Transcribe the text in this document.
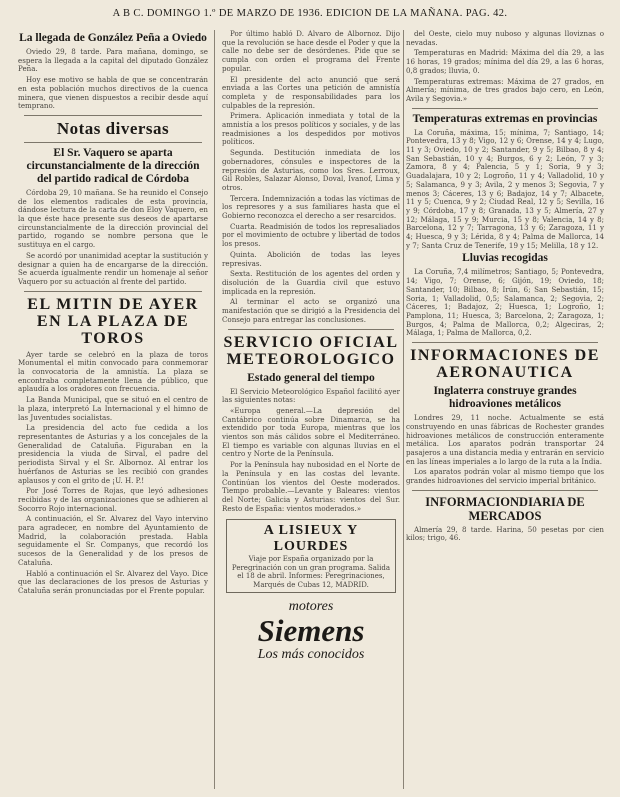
A B C. DOMINGO 1.º DE MARZO DE 1936. EDICION DE LA MAÑANA. PAG. 42.
La llegada de González Peña a Oviedo

Oviedo 29, 8 tarde. Para mañana, domingo, se espera la llegada a la capital del diputado González Peña.

Hoy ese motivo se habla de que se concentrarán en esta población muchos directivos de la cuenca minera, que vienen dispuestos a recibir desde aquí temprano.

Notas diversas
El Sr. Vaquero se aparta circunstancialmente de la dirección del partido radical de Córdoba

Córdoba 29, 10 mañana. Se ha reunido el Consejo de los elementos radicales de esta provincia, dándose lectura de la carta de don Eloy Vaquero, en la que éste hace presente sus deseos de apartarse circunstancialmente de la dirección provincial del partido, rogando se nombre persona que le sustituya en el cargo.

Se acordó por unanimidad aceptar la sustitución y designar a quien ha de encargarse de la dirección. Se acuerda igualmente rendir un homenaje al señor Vaquero por su actuación al frente del partido.

EL MITIN DE AYER EN LA PLAZA DE TOROS

Ayer tarde se celebró en la plaza de toros Monumental el mitin convocado para conmemorar la convocatoria de la amnistía. La plaza se encontraba completamente llena de público, que aplaudía a los oradores con frecuencia.

La Banda Municipal, que se situó en el centro de la plaza, interpretó La Internacional y el himno de las Juventudes socialistas.

La presidencia del acto fue cedida a los representantes de Asturias y a los concejales de la Generalidad de Cataluña. Figuraban en la presidencia la viuda de Sirval, el padre del periodista Sirval y el Sr. Albornoz. Al entrar los huérfanos de Asturias se les recibió con grandes aplausos y con el grito de ¡U. H. P.!

Por José Torres de Rojas, que leyó adhesiones recibidas y de las organizaciones que se adhieren al Socorro Rojo internacional.

A continuación, el Sr. Alvarez del Vayo intervino para agradecer, en nombre del Ayuntamiento de Madrid, la colaboración prestada. Habla seguidamente el Sr. Companys, que recordó los sucesos de la Generalidad y de los presos de Cataluña.

Habló a continuación el Sr. Alvarez del Vayo. Dice que las declaraciones de los presos de Asturias y Cataluña serán pronunciadas por el Frente popular.

Por último habló D. Alvaro de Albornoz. Dijo que la revolución se hace desde el Poder y que la calle no debe ser de desórdenes. Pide que se cumpla con orden el programa del Frente popular.

El presidente del acto anunció que será enviada a las Cortes una petición de amnistía completa y de responsabilidades para los culpables de la represión.

Primera. Aplicación inmediata y total de la amnistía a los presos políticos y sociales, y de las readmisiones a los despedidos por motivos políticos.

Segunda. Destitución inmediata de los gobernadores, cónsules e inspectores de la represión de Asturias, como los Sres. Lerroux, Gil Robles, Salazar Alonso, Doval, Ivanof, Lima y otros.

Tercera. Indemnización a todas las víctimas de los represores y a sus familiares hasta que el Gobierno reconozca el derecho a ser resarcidos.

Cuarta. Readmisión de todos los represaliados por el movimiento de octubre y libertad de todos los presos.

Quinta. Abolición de todas las leyes represivas.

Sexta. Restitución de los agentes del orden y disolución de la Guardia civil que estuvo implicada en la represión.

Al terminar el acto se organizó una manifestación que se dirigió a la Presidencia del Consejo para entregar las conclusiones.

SERVICIO OFICIAL METEOROLOGICO
Estado general del tiempo

El Servicio Meteorológico Español facilitó ayer las siguientes notas:

«Europa general.—La depresión del Cantábrico continúa sobre Dinamarca, se ha extendido por toda Europa, mientras que los vientos son más cálidos sobre el Mediterráneo. El tiempo es variable con algunas lluvias en el centro y Norte de la Península.

Por la Península hay nubosidad en el Norte de la Península y en las costas del levante. Continúan los vientos del Oeste moderados. Tiempo probable.—Levante y Baleares: vientos del Norte; Galicia y Asturias: vientos del Sur. Resto de España: vientos moderados.»

A LISIEUX Y LOURDES
Viaje por España organizado por la Peregrinación con un gran programa. Salida el 18 de abril. Informes: Peregrinaciones, Marqués de Cubas 12, MADRID.
motores
Siemens
Los más conocidos

del Oeste, cielo muy nuboso y algunas lloviznas o nevadas.

Temperaturas en Madrid: Máxima del día 29, a las 16 horas, 19 grados; mínima del día 29, a las 6 horas, 0,8 grados; lluvia, 0.

Temperaturas extremas: Máxima de 27 grados, en Almería; mínima, de tres grados bajo cero, en León, Avila y Segovia.»

Temperaturas extremas en provincias

La Coruña, máxima, 15; mínima, 7; Santiago, 14; Pontevedra, 13 y 8; Vigo, 12 y 6; Orense, 14 y 4; Lugo, 11 y 3; Oviedo, 10 y 2; Santander, 9 y 5; Bilbao, 8 y 4; San Sebastián, 10 y 4; Burgos, 6 y 2; León, 7 y 3; Zamora, 8 y 4; Palencia, 5 y 1; Soria, 9 y 3; Guadalajara, 10 y 2; Logroño, 11 y 4; Valladolid, 10 y 5; Salamanca, 9 y 3; Avila, 2 y menos 3; Segovia, 7 y menos 3; Cáceres, 13 y 6; Badajoz, 14 y 7; Albacete, 11 y 5; Cuenca, 9 y 2; Ciudad Real, 12 y 5; Sevilla, 16 y 9; Córdoba, 17 y 8; Granada, 13 y 5; Almería, 27 y 12; Málaga, 15 y 9; Murcia, 15 y 8; Valencia, 14 y 8; Barcelona, 12 y 7; Tarragona, 13 y 6; Zaragoza, 11 y 4; Huesca, 9 y 3; Lérida, 8 y 4; Palma de Mallorca, 14 y 7; Santa Cruz de Tenerife, 19 y 15; Melilla, 18 y 12.

Lluvias recogidas

La Coruña, 7,4 milímetros; Santiago, 5; Pontevedra, 14; Vigo, 7; Orense, 6; Gijón, 19; Oviedo, 18; Santander, 10; Bilbao, 8; Irún, 6; San Sebastián, 15; Soria, 1; Valladolid, 0,5; Salamanca, 2; Segovia, 2; Cáceres, 1; Badajoz, 2; Huesca, 1; Logroño, 1; Pamplona, 11; Huesca, 3; Barcelona, 2; Zaragoza, 1; Burgos, 4; Palma de Mallorca, 0,2; Algeciras, 2; Málaga, 1; Palma de Mallorca, 0,2.

INFORMACIONES DE AERONAUTICA
Inglaterra construye grandes hidroaviones metálicos

Londres 29, 11 noche. Actualmente se está construyendo en unas fábricas de Rochester grandes hidroaviones metálicos de construcción enteramente metálica. Los aparatos podrán transportar 24 pasajeros a una distancia media y entrarán en servicio en las líneas imperiales a lo largo de la ruta a la India.

Los aparatos podrán volar al mismo tiempo que los grandes hidroaviones del servicio imperial británico.

INFORMACIONDIARIA DE MERCADOS

Almería 29, 8 tarde. Harina, 50 pesetas por cien kilos; trigo, 46.
